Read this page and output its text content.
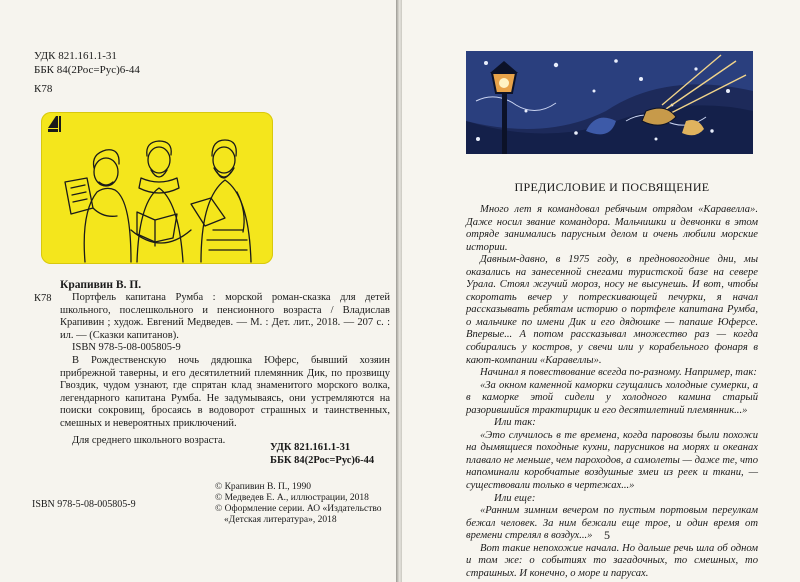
УДК 821.161.1-31
ББК 84(2Рос=Рус)6-44
К78
Крапивин В. П.
К78	Портфель капитана Румба : морской роман-сказка для детей школьного, послешкольного и пенсионного возраста / Владислав Крапивин ; худож. Евгений Медведев. — М. : Дет. лит., 2018. — 207 с. : ил. — (Сказки капитанов).

ISBN 978-5-08-005805-9

В Рождественскую ночь дядюшка Юферс, бывший хозяин прибрежной таверны, и его десятилетний племянник Дик, по прозвищу Гвоздик, чудом узнают, где спрятан клад знаменитого морского волка, легендарного капитана Румба. Не задумываясь, они устремляются на поиски сокровищ, бросаясь в водоворот страшных и таинственных, смешных и невероятных приключений.

Для среднего школьного возраста.

УДК 821.161.1-31
ББК 84(2Рос=Рус)6-44
© Крапивин В. П., 1990
© Медведев Е. А., иллюстрации, 2018
© Оформление серии. АО «Издательство
«Детская литература», 2018
ISBN 978-5-08-005805-9
ПРЕДИСЛОВИЕ И ПОСВЯЩЕНИЕ

Много лет я командовал ребячьим отрядом «Каравелла». Даже носил звание командора. Мальчишки и девчонки в этом отряде занимались парусным делом и очень любили морские истории.

Давным-давно, в 1975 году, в предновогодние дни, мы оказались на занесенной снегами туристской базе на севере Урала. Стоял жгучий мороз, носу не высунешь. И вот, чтобы скоротать вечер у потрескивающей печурки, я начал рассказывать ребятам историю о портфеле капитана Румба, о мальчике по имени Дик и его дядюшке — папаше Юферсе. Впервые... А потом рассказывал множество раз — когда собирались у костров, у свечи или у корабельного фонаря в кают-компании «Каравеллы».

Начинал я повествование всегда по-разному. Например, так:

«За окном каменной каморки сгущались холодные сумерки, а в каморке этой сидели у холодного камина старый разорившийся трактирщик и его десятилетний племянник...»

Или так:

«Это случилось в те времена, когда паровозы были похожи на дымящиеся походные кухни, парусников на морях и океанах плавало не меньше, чем пароходов, а самолеты — даже те, что напоминали коробчатые воздушные змеи из реек и ткани, — существовали только в чертежах...»

Или еще:

«Ранним зимним вечером по пустым портовым переулкам бежал человек. За ним бежали еще трое, и один время от времени стрелял в воздух...»

Вот такие непохожие начала. Но дальше речь шла об одном и том же: о событиях то загадочных, то смешных, то страшных. И конечно, о море и парусах.

5
